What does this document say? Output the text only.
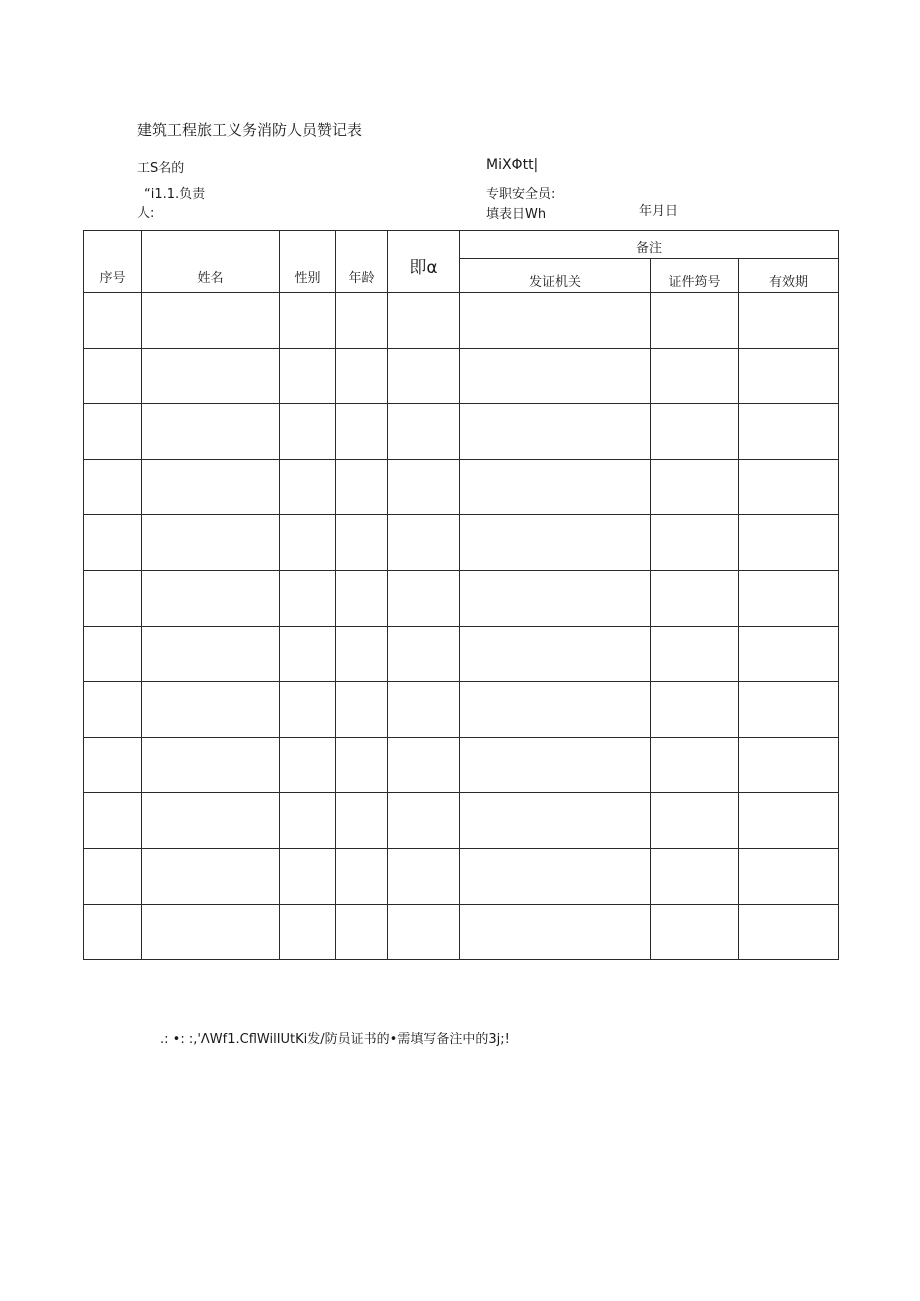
建筑工程旅工义务消防人员赞记表
工S名的	MiXΦtt|
“i1.1.负责	专职安全员:
人:	填表日Wh	年月日
序号	姓名	性别	年龄	即α	备注		
					发证机关	证件筠号	有效期

.: •: :,'ΛWf1.CflWilIUtKi发/防员证书的•需填写备注中的3j;!
